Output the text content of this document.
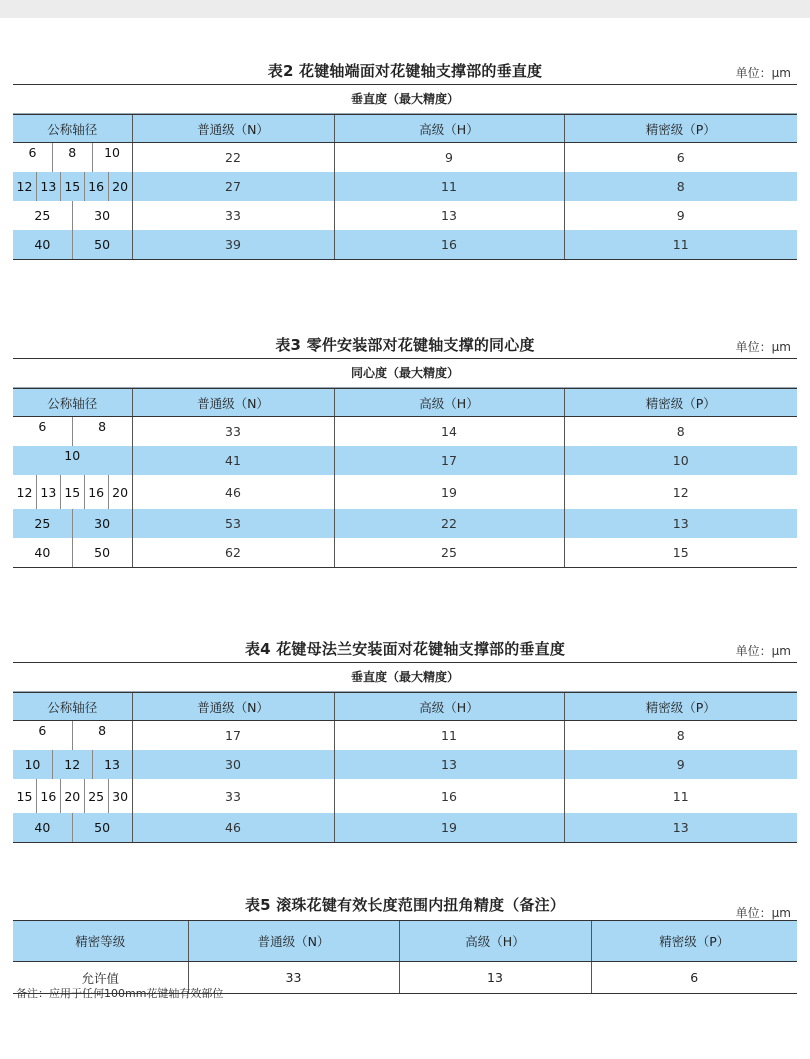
表2 花键轴端面对花键轴支撑部的垂直度	单位：μm
垂直度（最大精度）
公称轴径	普通级（N）	高级（H）	精密级（P）

6 8 10	22	9	6

12 13 15 16 20	27	11	8

25 30	33	13	9

40 50	39	16	11
表3 零件安装部对花键轴支撑的同心度	单位：μm
同心度（最大精度）
公称轴径	普通级（N）	高级（H）	精密级（P）

6 8	33	14	8

10	41	17	10

12 13 15 16 20	46	19	12

25 30	53	22	13

40 50	62	25	15
表4 花键母法兰安装面对花键轴支撑部的垂直度	单位：μm
垂直度（最大精度）
公称轴径	普通级（N）	高级（H）	精密级（P）

6 8	17	11	8

10 12 13	30	13	9

15 16 20 25 30	33	16	11

40 50	46	19	13
表5 滚珠花键有效长度范围内扭角精度（备注）	单位：μm
精密等级	普通级（N）	高级（H）	精密级（P）
允许值	33	13	6
备注：应用于任何100mm花键轴有效部位
